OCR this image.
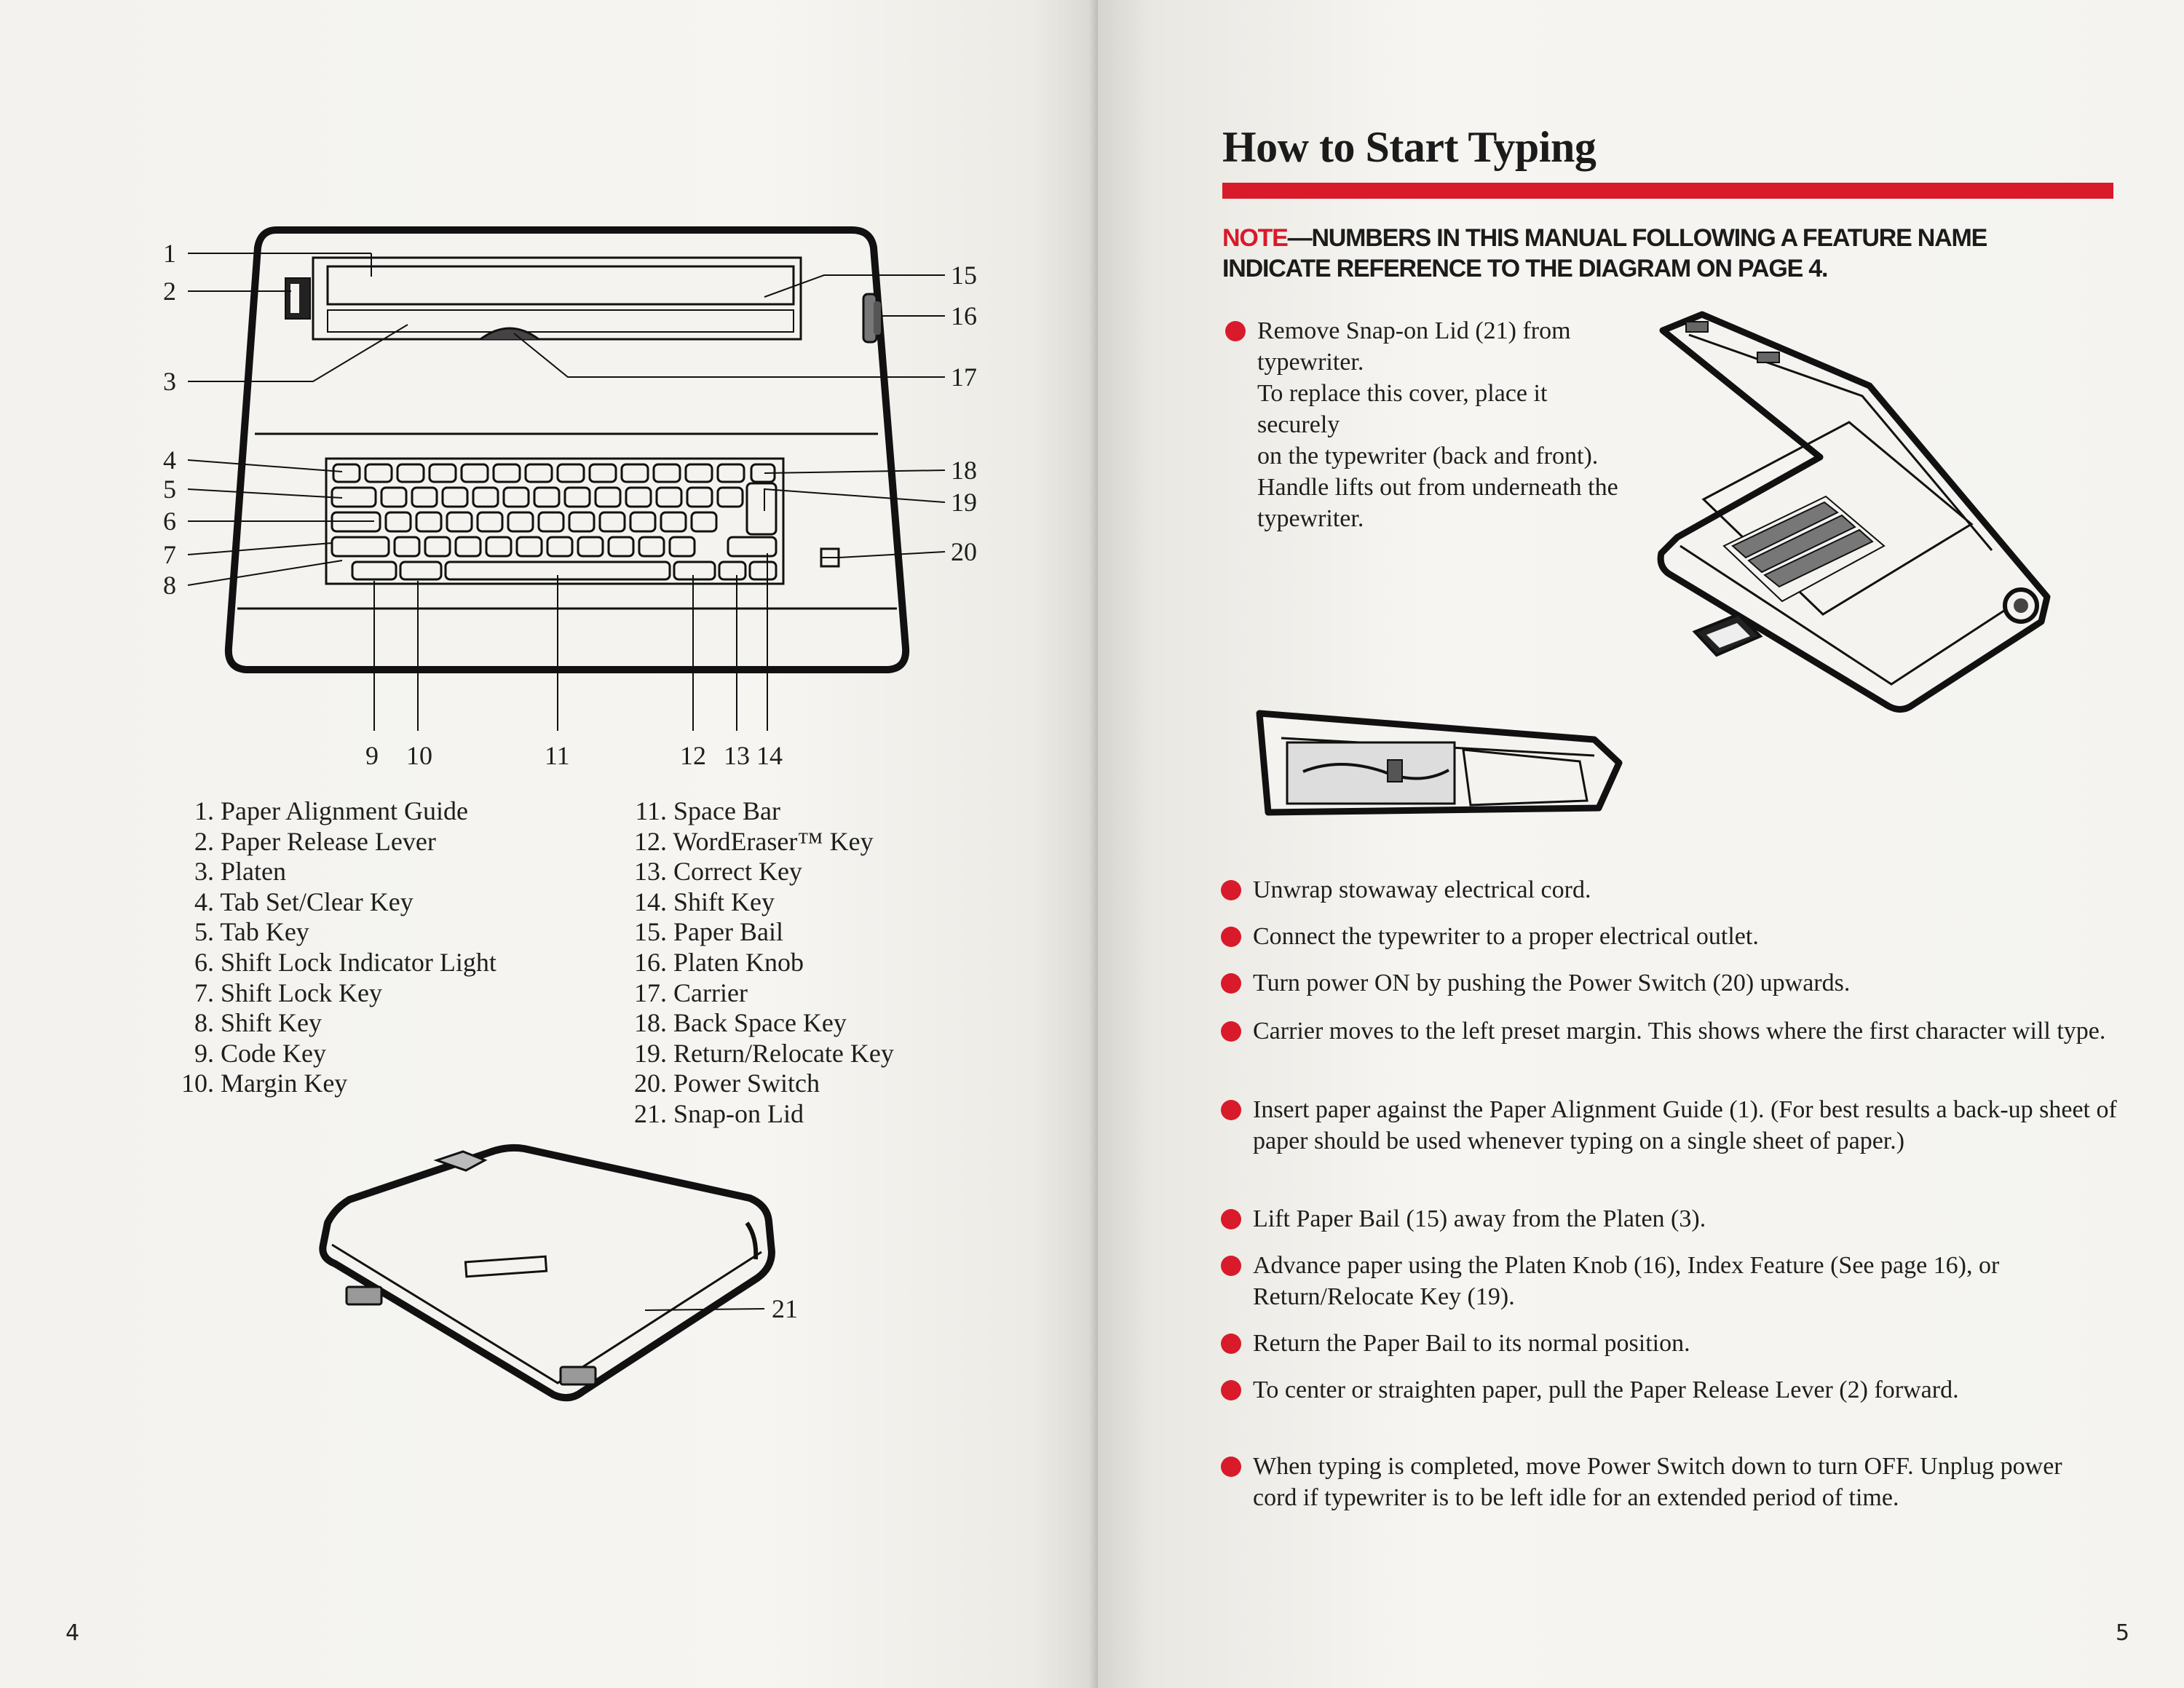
1
2
3
4
5
6
7
8
15
16
17
18
19
20
9 10	11	12 13 14
1. Paper Alignment Guide
2. Paper Release Lever
3. Platen
4. Tab Set/Clear Key
5. Tab Key
6. Shift Lock Indicator Light
7. Shift Lock Key
8. Shift Key
9. Code Key
10. Margin Key
11. Space Bar
12. WordEraser™ Key
13. Correct Key
14. Shift Key
15. Paper Bail
16. Platen Knob
17. Carrier
18. Back Space Key
19. Return/Relocate Key
20. Power Switch
21. Snap-on Lid
21
4
How to Start Typing
NOTE—NUMBERS IN THIS MANUAL FOLLOWING A FEATURE NAME INDICATE REFERENCE TO THE DIAGRAM ON PAGE 4.

Remove Snap-on Lid (21) from

typewriter.

To replace this cover, place it securely

on the typewriter (back and front).

Handle lifts out from underneath the

typewriter.

Unwrap stowaway electrical cord.

Connect the typewriter to a proper electrical outlet.

Turn power ON by pushing the Power Switch (20) upwards.

Carrier moves to the left preset margin. This shows where the first character will type.

Insert paper against the Paper Alignment Guide (1). (For best results a back-up sheet of paper should be used whenever typing on a single sheet of paper.)

Lift Paper Bail (15) away from the Platen (3).

Advance paper using the Platen Knob (16), Index Feature (See page 16), or Return/Relocate Key (19).

Return the Paper Bail to its normal position.

To center or straighten paper, pull the Paper Release Lever (2) forward.

When typing is completed, move Power Switch down to turn OFF. Unplug power cord if typewriter is to be left idle for an extended period of time.

5
